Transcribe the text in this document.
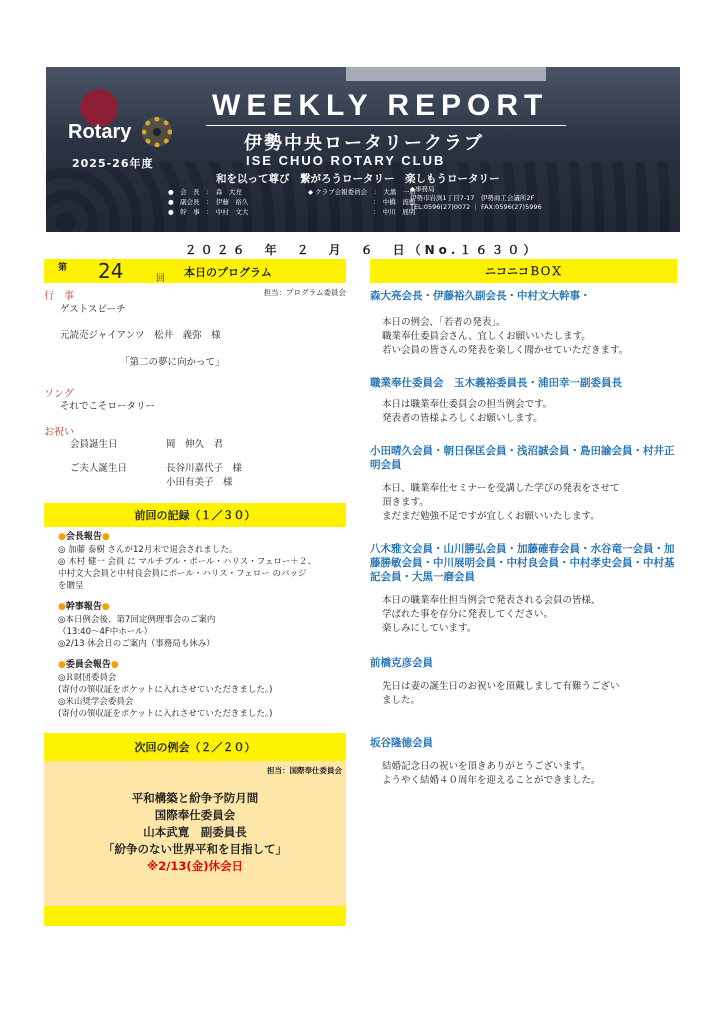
Rotary
2025-26年度
WEEKLY REPORT
伊勢中央ロータリークラブ
ISE CHUO ROTARY CLUB
和を以って尊び　繋がろうロータリー　楽しもうロータリー
●　会　長　：　森　大亮
●　副会長　：　伊藤　裕久
●　幹　事　：　中村　文大
◆ クラブ会報委員会　：　大黒　一磨
　　　　　　　　　　：　中橋　流樹
　　　　　　　　　　：　中川　展明
◆事務局
伊勢市岩渕1丁目7-17　伊勢商工会議所2F
TEL:0596(27)0072 ｜ FAX:0596(27)5996
２０２６　年　２　月　６　日（No.１６３０）
第 24	回 本日のプログラム
行　事	担当：プログラム委員会
ゲストスピーチ
元読売ジャイアンツ　松井　義弥　様
「第二の夢に向かって」
ソング
それでこそロータリー
お祝い
会員誕生日	岡　伸久　君
ご夫人誕生日	長谷川嘉代子　様
小田有美子　様
前回の記録（１／３０）
●会長報告●
◎ 加藤 泰樹 さんが12月末で退会されました。
◎ 木村 健一 会員 に マルチプル・ポール・ハリス・フェロー＋２、
中村文大会員と中村良会員にポール・ハリス・フェロー のバッジ
を贈呈
●幹事報告●
◎本日例会後、第7回定例理事会のご案内
（13:40～4F中ホール）
◎2/13 休会日のご案内（事務局も休み）
●委員会報告●
◎Ｒ財団委員会
(寄付の領収証をポケットに入れさせていただきました。)
◎米山奨学会委員会
(寄付の領収証をポケットに入れさせていただきました。)
次回の例会（２／２０）
担当：国際奉仕委員会
平和構築と紛争予防月間
国際奉仕委員会
山本武寛　副委員長
「紛争のない世界平和を目指して」
※2/13(金)休会日
ニコニコＢＯＸ
森大亮会長・伊藤裕久副会長・中村文大幹事・
本日の例会、「若者の発表」。
職業奉仕委員会さん、宜しくお願いいたします。
若い会員の皆さんの発表を楽しく聞かせていただきます。
職業奉仕委員会　玉木義裕委員長・浦田幸一副委員長
本日は職業奉仕委員会の担当例会です。
発表者の皆様よろしくお願いします。
小田晴久会員・朝日保匡会員・浅沼誠会員・島田諭会員・村井正明会員
本日、職業奉仕セミナーを受講した学びの発表をさせて
頂きます。
まだまだ勉強不足ですが宜しくお願いいたします。
八木雅文会員・山川勝弘会員・加藤確春会員・水谷竜一会員・加藤勝敏会員・中川展明会員・中村良会員・中村孝史会員・中村基記会員・大黒一磨会員
本日の職業奉仕担当例会で発表される会員の皆様、
学ばれた事を存分に発表してください。
楽しみにしています。
前橋克彦会員
先日は妻の誕生日のお祝いを頂戴しまして有難うござい
ました。
坂谷隆徳会員
結婚記念日の祝いを頂きありがとうございます。
ようやく結婚４０周年を迎えることができました。
